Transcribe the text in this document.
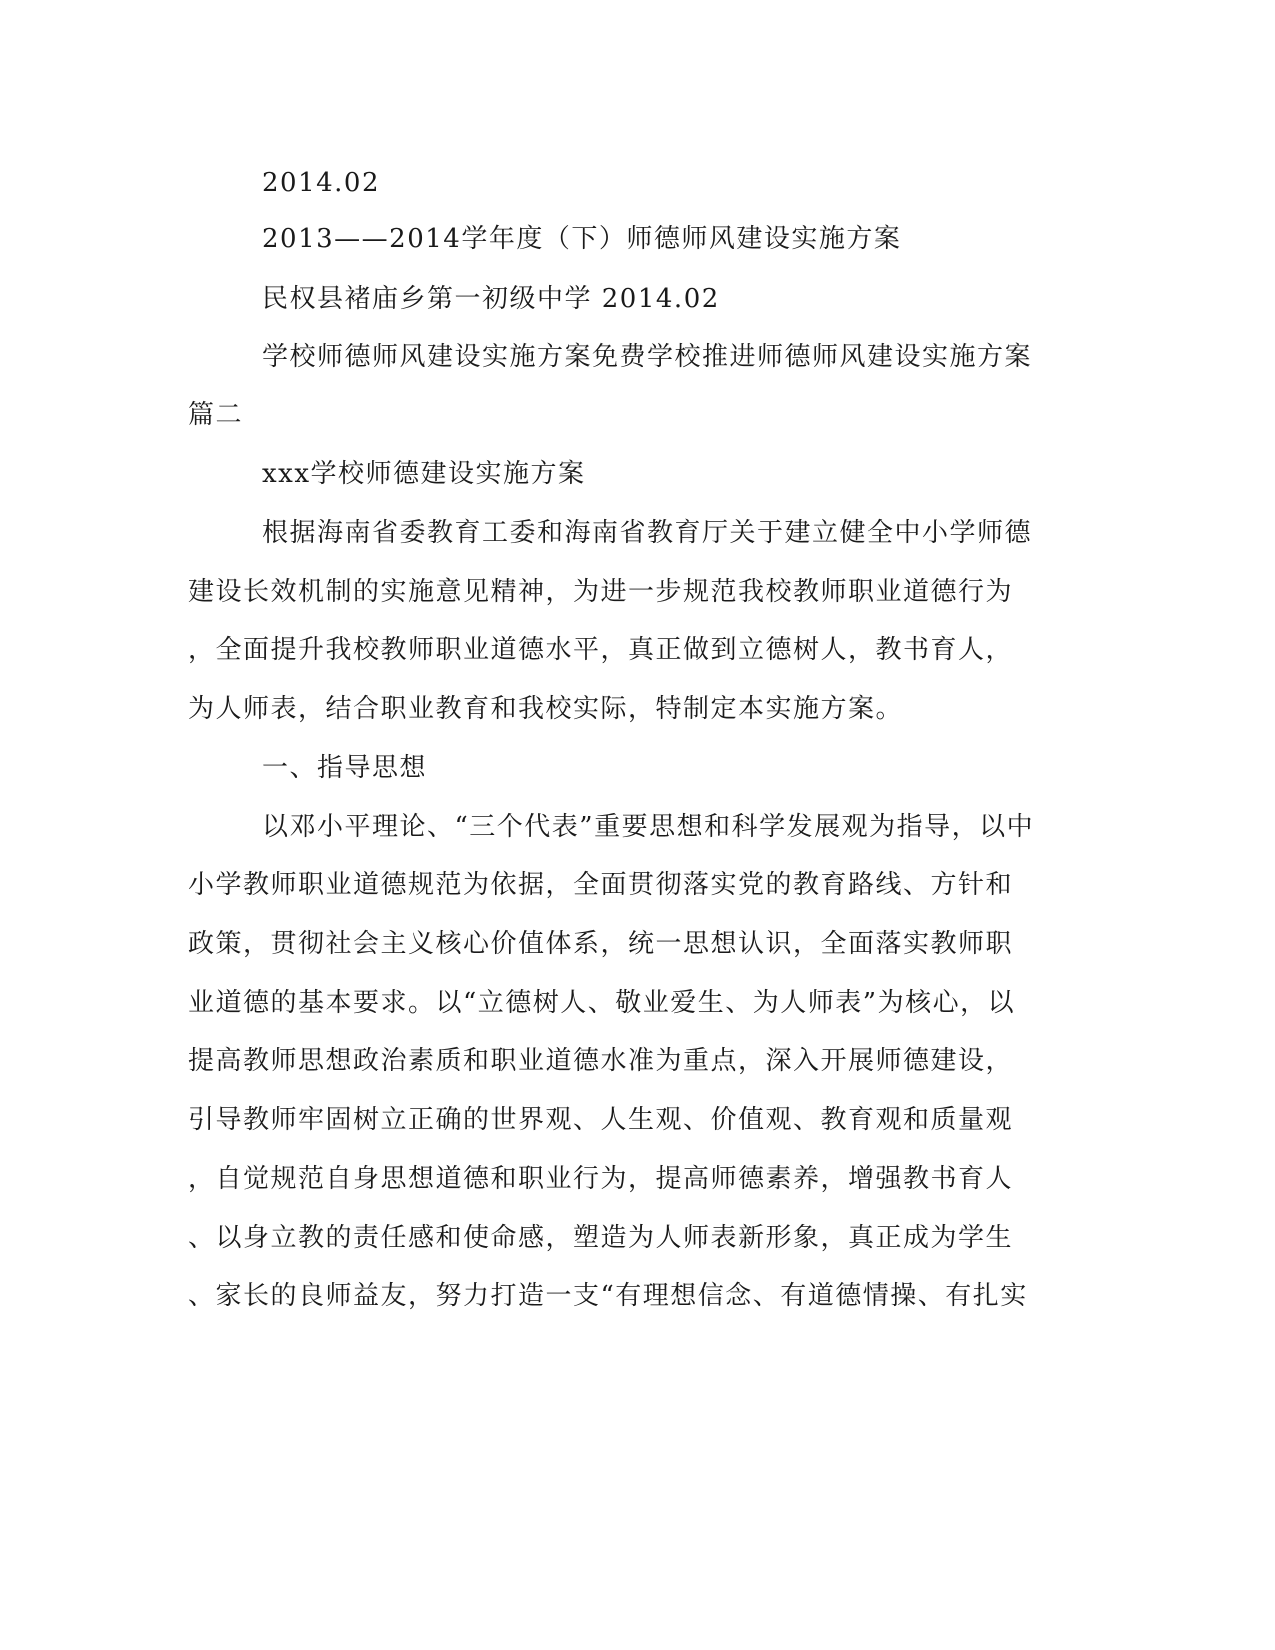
2014.02

2013——2014学年度（下）师德师风建设实施方案

民权县褚庙乡第一初级中学 2014.02

学校师德师风建设实施方案免费学校推进师德师风建设实施方案

篇二

xxx学校师德建设实施方案

根据海南省委教育工委和海南省教育厅关于建立健全中小学师德

建设长效机制的实施意见精神，为进一步规范我校教师职业道德行为

，全面提升我校教师职业道德水平，真正做到立德树人，教书育人，

为人师表，结合职业教育和我校实际，特制定本实施方案。

一、指导思想

以邓小平理论、“三个代表”重要思想和科学发展观为指导，以中

小学教师职业道德规范为依据，全面贯彻落实党的教育路线、方针和

政策，贯彻社会主义核心价值体系，统一思想认识，全面落实教师职

业道德的基本要求。以“立德树人、敬业爱生、为人师表”为核心，以

提高教师思想政治素质和职业道德水准为重点，深入开展师德建设，

引导教师牢固树立正确的世界观、人生观、价值观、教育观和质量观

，自觉规范自身思想道德和职业行为，提高师德素养，增强教书育人

、以身立教的责任感和使命感，塑造为人师表新形象，真正成为学生

、家长的良师益友，努力打造一支“有理想信念、有道德情操、有扎实
